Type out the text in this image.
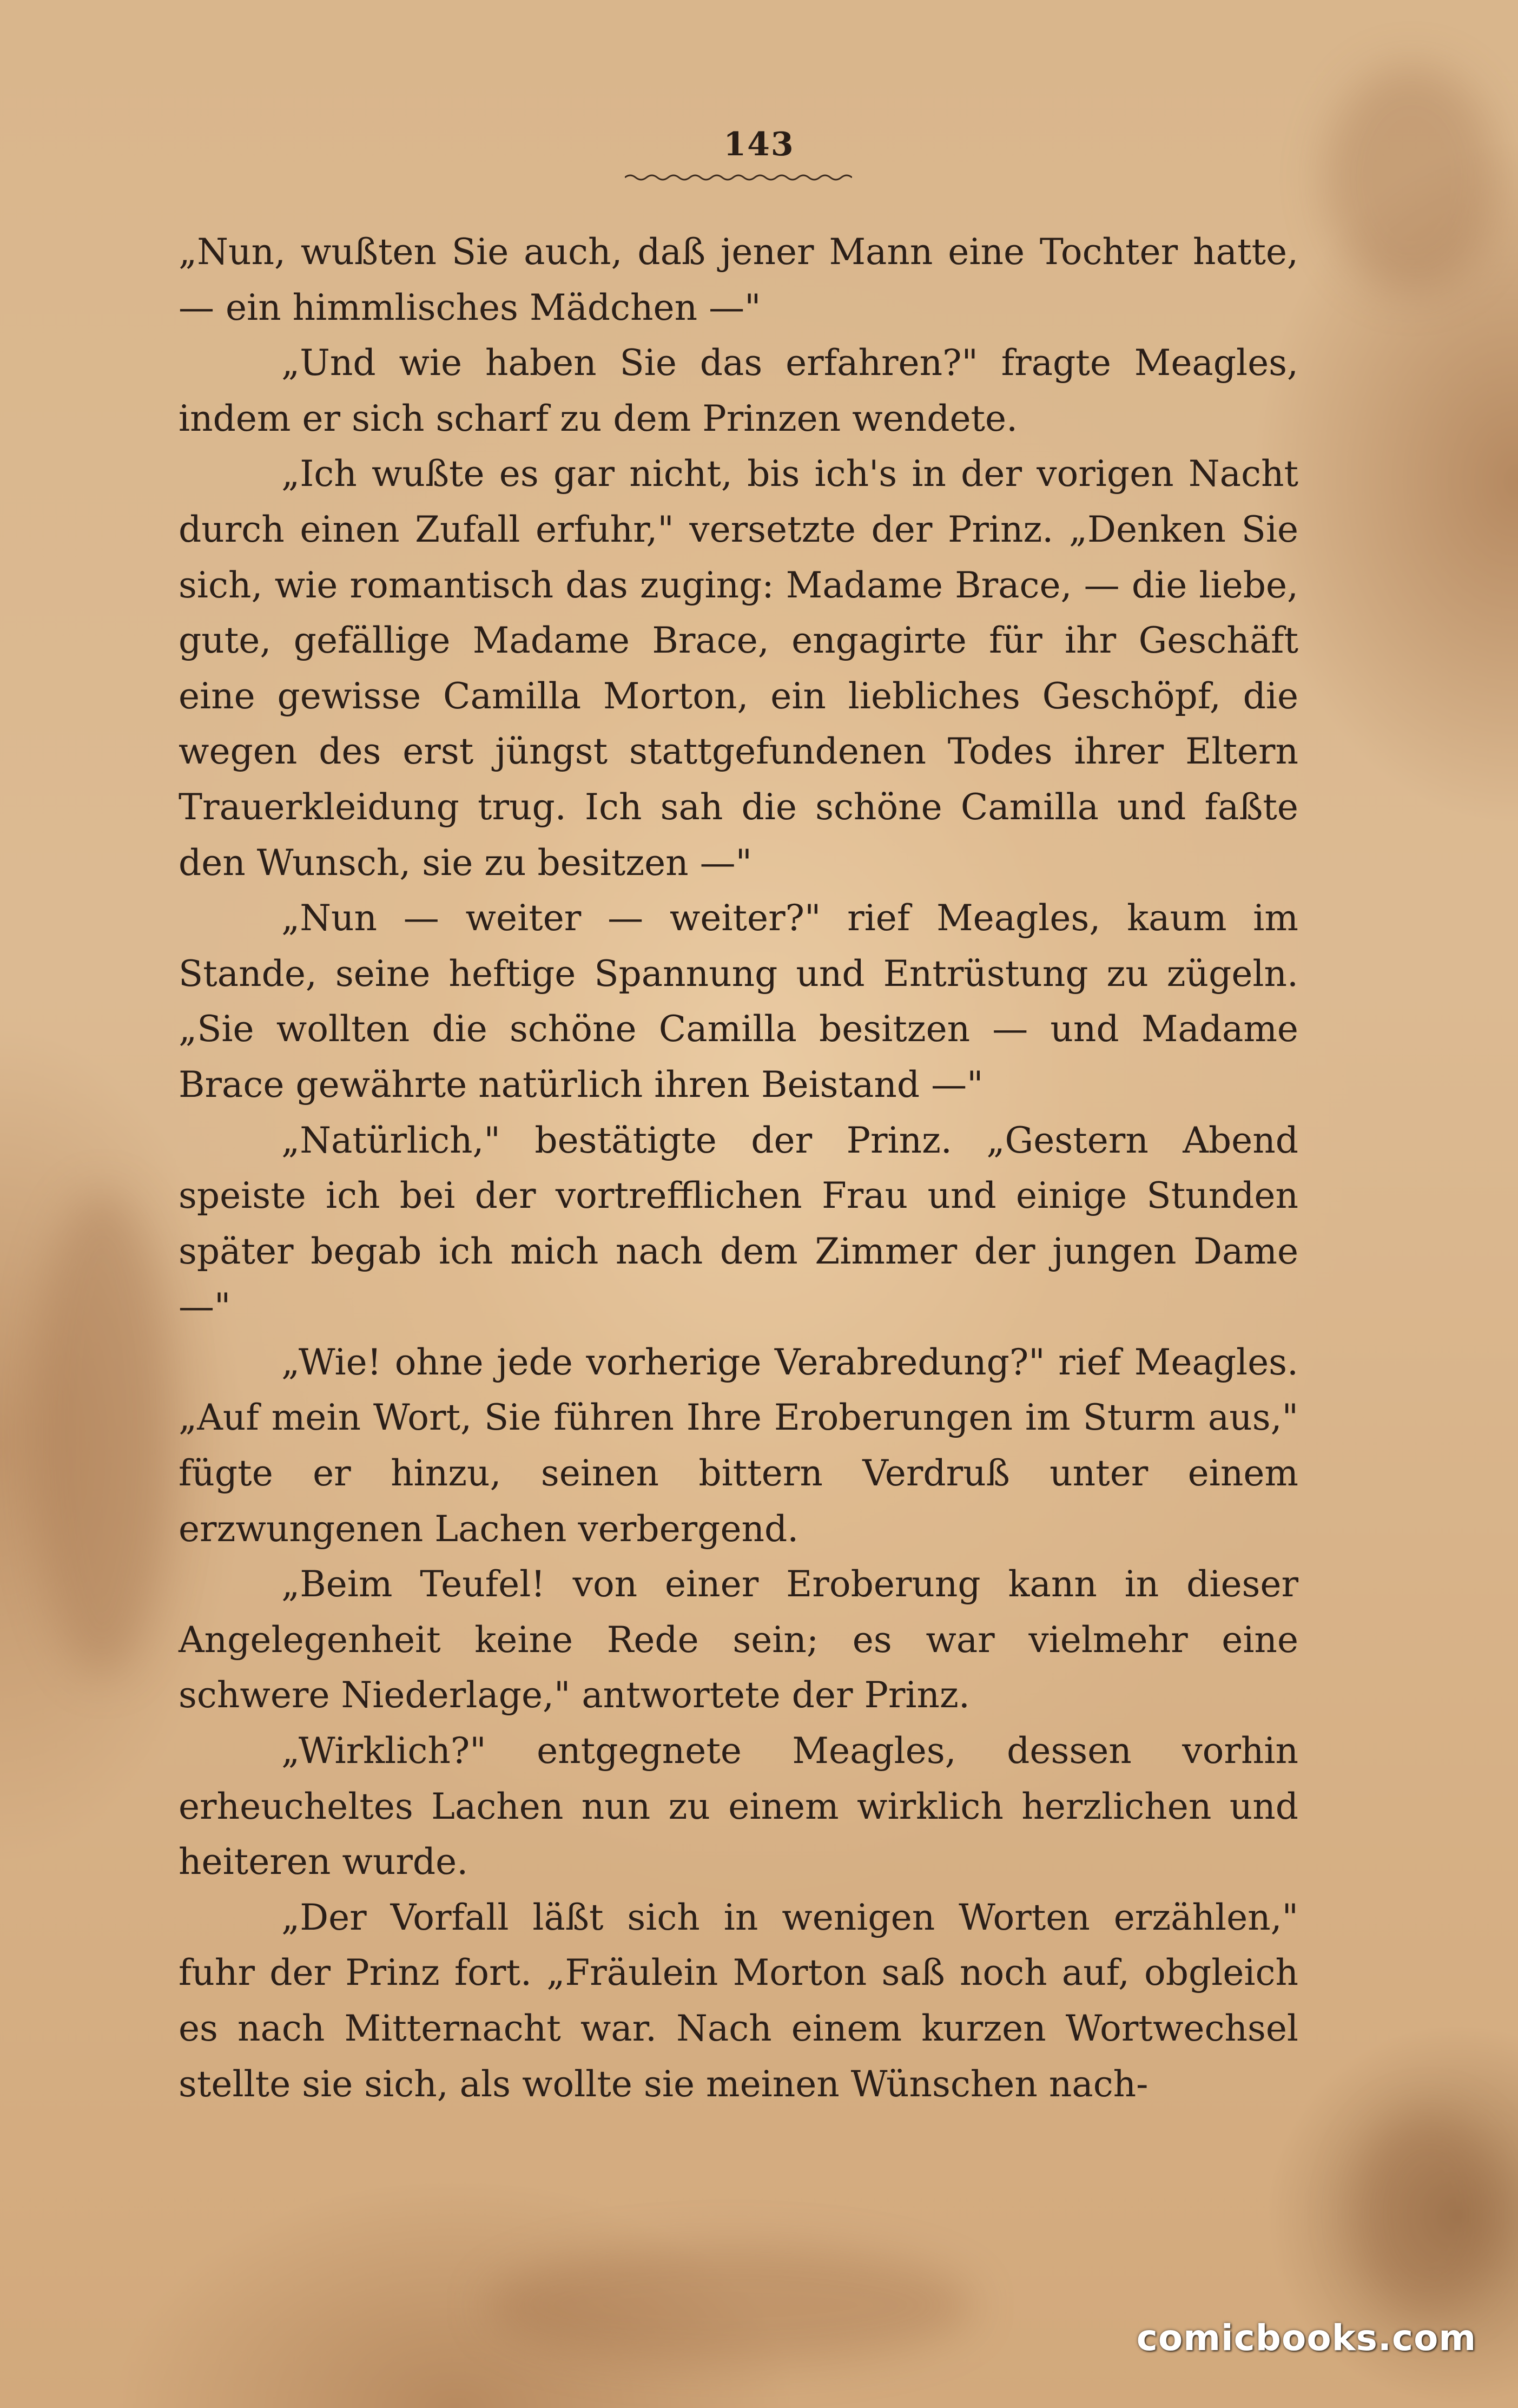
143

„Nun, wußten Sie auch, daß jener Mann eine Tochter hatte, — ein himmlisches Mädchen —"

„Und wie haben Sie das erfahren?" fragte Meagles, indem er sich scharf zu dem Prinzen wendete.

„Ich wußte es gar nicht, bis ich's in der vorigen Nacht durch einen Zufall erfuhr," versetzte der Prinz. „Denken Sie sich, wie romantisch das zuging: Madame Brace, — die liebe, gute, gefällige Madame Brace, engagirte für ihr Geschäft eine gewisse Camilla Morton, ein liebliches Geschöpf, die wegen des erst jüngst stattgefundenen Todes ihrer Eltern Trauerkleidung trug. Ich sah die schöne Camilla und faßte den Wunsch, sie zu besitzen —"

„Nun — weiter — weiter?" rief Meagles, kaum im Stande, seine heftige Spannung und Entrüstung zu zügeln. „Sie wollten die schöne Camilla besitzen — und Madame Brace gewährte natürlich ihren Beistand —"

„Natürlich," bestätigte der Prinz. „Gestern Abend speiste ich bei der vortrefflichen Frau und einige Stunden später begab ich mich nach dem Zimmer der jungen Dame —"

„Wie! ohne jede vorherige Verabredung?" rief Meagles. „Auf mein Wort, Sie führen Ihre Eroberungen im Sturm aus," fügte er hinzu, seinen bittern Verdruß unter einem erzwungenen Lachen verbergend.

„Beim Teufel! von einer Eroberung kann in dieser Angelegenheit keine Rede sein; es war vielmehr eine schwere Niederlage," antwortete der Prinz.

„Wirklich?" entgegnete Meagles, dessen vorhin erheucheltes Lachen nun zu einem wirklich herzlichen und heiteren wurde.

„Der Vorfall läßt sich in wenigen Worten erzählen," fuhr der Prinz fort. „Fräulein Morton saß noch auf, obgleich es nach Mitternacht war. Nach einem kurzen Wortwechsel stellte sie sich, als wollte sie meinen Wünschen nach-

comicbooks.com
